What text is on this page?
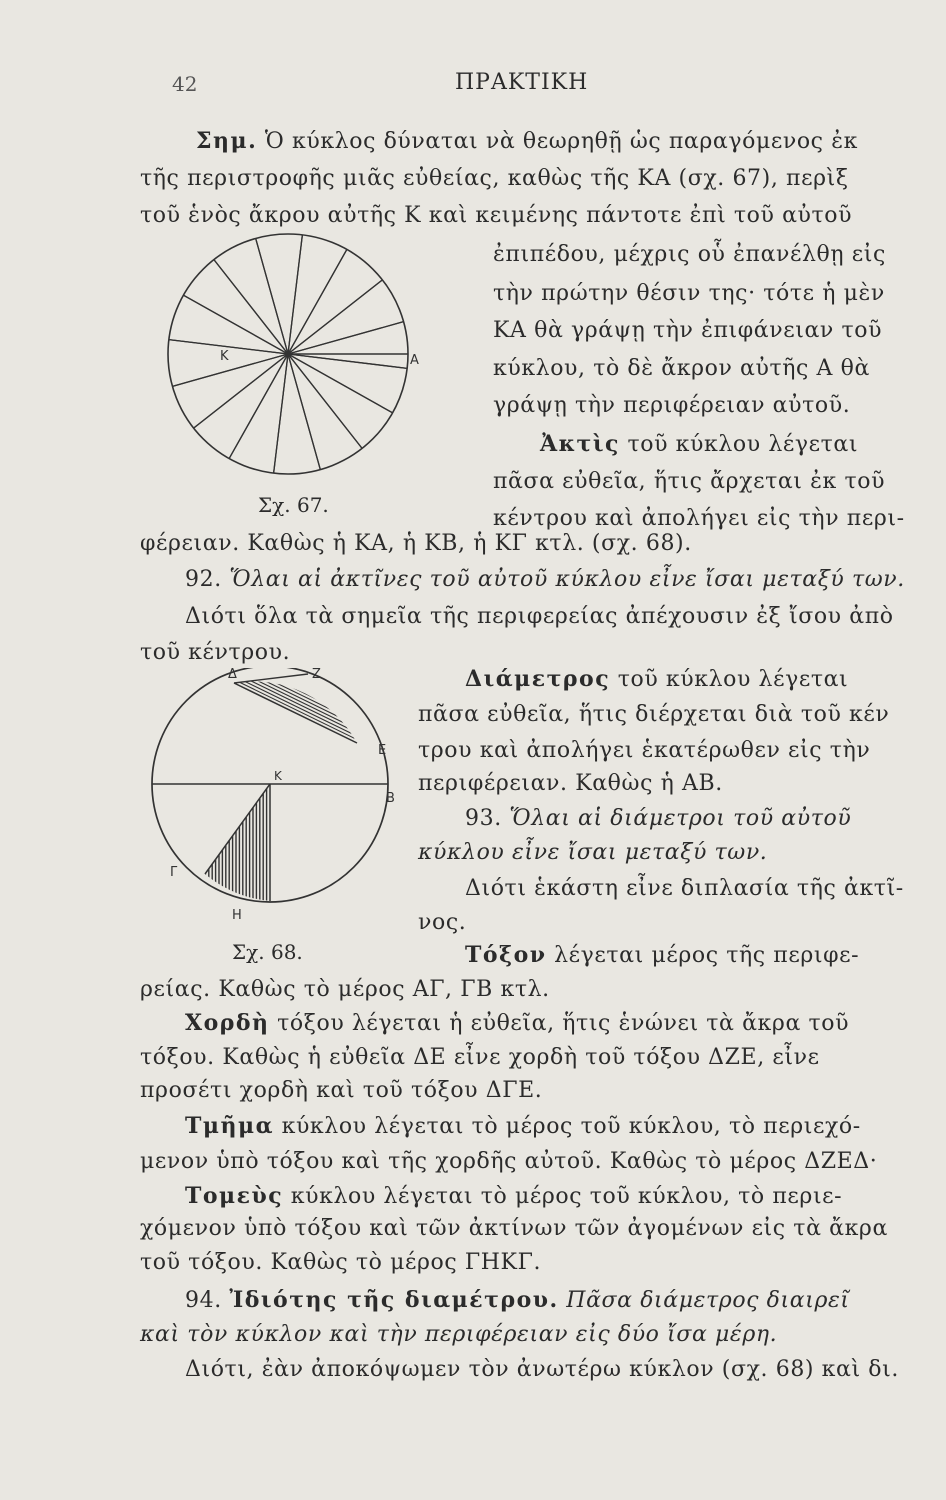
42	ΠΡΑΚΤΙΚΗ
Σημ. Ὁ κύκλος δύναται νὰ θεωρηθῇ ὡς παραγόμενος ἐκ
τῆς περιστροφῆς μιᾶς εὐθείας, καθὼς τῆς ΚΑ (σχ. 67), περὶξ
τοῦ ἑνὸς ἄκρου αὐτῆς Κ καὶ κειμένης πάντοτε ἐπὶ τοῦ αὐτοῦ
ἐπιπέδου, μέχρις οὗ ἐπανέλθῃ εἰς
τὴν πρώτην θέσιν της· τότε ἡ μὲν
ΚΑ θὰ γράψῃ τὴν ἐπιφάνειαν τοῦ
κύκλου, τὸ δὲ ἄκρον αὐτῆς Α θὰ
γράψῃ τὴν περιφέρειαν αὐτοῦ.
Κ	Α
Σχ. 67.
Ἀκτὶς τοῦ κύκλου λέγεται
πᾶσα εὐθεῖα, ἥτις ἄρχεται ἐκ τοῦ
κέντρου καὶ ἀπολήγει εἰς τὴν περι-
φέρειαν. Καθὼς ἡ ΚΑ, ἡ ΚΒ, ἡ ΚΓ κτλ. (σχ. 68).
92. Ὅλαι αἱ ἀκτῖνες τοῦ αὐτοῦ κύκλου εἶνε ἴσαι μεταξύ των.
Διότι ὅλα τὰ σημεῖα τῆς περιφερείας ἀπέχουσιν ἐξ ἴσου ἀπὸ
τοῦ κέντρου.
Δ	Ζ
Ε
Β
Κ
Γ
Η
Σχ. 68.
Διάμετρος τοῦ κύκλου λέγεται
πᾶσα εὐθεῖα, ἥτις διέρχεται διὰ τοῦ κέν
τρου καὶ ἀπολήγει ἑκατέρωθεν εἰς τὴν
περιφέρειαν. Καθὼς ἡ ΑΒ.
93. Ὅλαι αἱ διάμετροι τοῦ αὐτοῦ
κύκλου εἶνε ἴσαι μεταξύ των.
Διότι ἑκάστη εἶνε διπλασία τῆς ἀκτῖ-
νος.
Τόξον λέγεται μέρος τῆς περιφε-
ρείας. Καθὼς τὸ μέρος ΑΓ, ΓΒ κτλ.
Χορδὴ τόξου λέγεται ἡ εὐθεῖα, ἥτις ἑνώνει τὰ ἄκρα τοῦ
τόξου. Καθὼς ἡ εὐθεῖα ΔΕ εἶνε χορδὴ τοῦ τόξου ΔΖΕ, εἶνε
προσέτι χορδὴ καὶ τοῦ τόξου ΔΓΕ.
Τμῆμα κύκλου λέγεται τὸ μέρος τοῦ κύκλου, τὸ περιεχό-
μενον ὑπὸ τόξου καὶ τῆς χορδῆς αὐτοῦ. Καθὼς τὸ μέρος ΔΖΕΔ·
Τομεὺς κύκλου λέγεται τὸ μέρος τοῦ κύκλου, τὸ περιε-
χόμενον ὑπὸ τόξου καὶ τῶν ἀκτίνων τῶν ἀγομένων εἰς τὰ ἄκρα
τοῦ τόξου. Καθὼς τὸ μέρος ΓΗΚΓ.
94. Ἰδιότης τῆς διαμέτρου. Πᾶσα διάμετρος διαιρεῖ
καὶ τὸν κύκλον καὶ τὴν περιφέρειαν εἰς δύο ἴσα μέρη.
Διότι, ἐὰν ἀποκόψωμεν τὸν ἀνωτέρω κύκλον (σχ. 68) καὶ δι.
